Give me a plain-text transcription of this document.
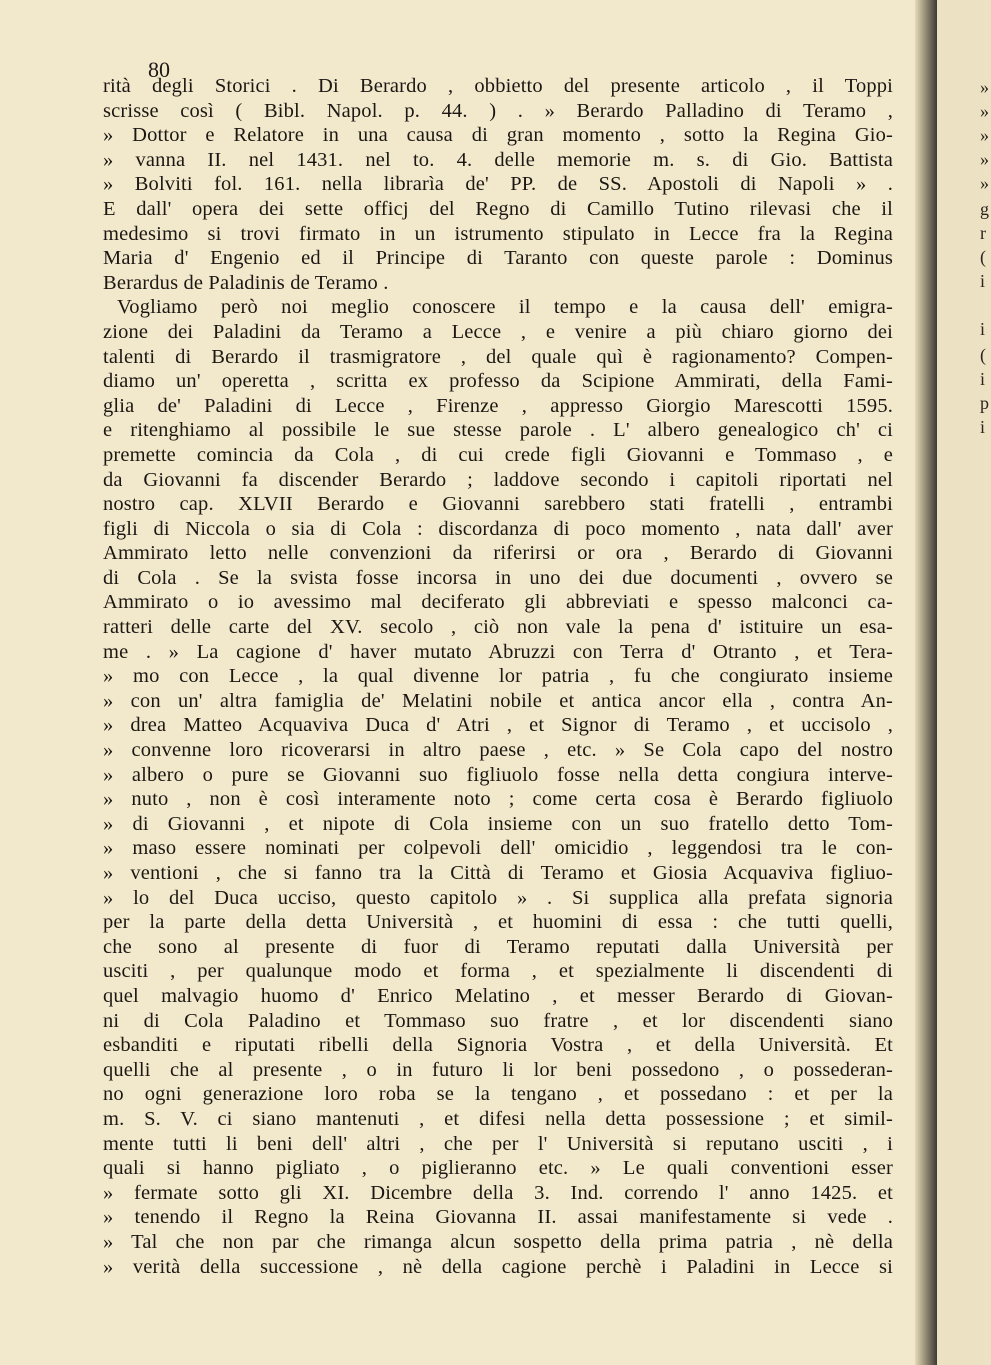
»
»
»
»
»
g
r
(
i
i
(
i
p
i
80
rità degli Storici . Di Berardo , obbietto del presente articolo , il Toppi
scrisse così ( Bibl. Napol. p. 44. ) . » Berardo Palladino di Teramo ,
» Dottor e Relatore in una causa di gran momento , sotto la Regina Gio-
» vanna II. nel 1431. nel to. 4. delle memorie m. s. di Gio. Battista
» Bolviti fol. 161. nella librarìa de' PP. de SS. Apostoli di Napoli » .
E dall' opera dei sette officj del Regno di Camillo Tutino rilevasi che il
medesimo si trovi firmato in un istrumento stipulato in Lecce fra la Regina
Maria d' Engenio ed il Principe di Taranto con queste parole : Dominus
Berardus de Paladinis de Teramo .
Vogliamo però noi meglio conoscere il tempo e la causa dell' emigra-
zione dei Paladini da Teramo a Lecce , e venire a più chiaro giorno dei
talenti di Berardo il trasmigratore , del quale quì è ragionamento? Compen-
diamo un' operetta , scritta ex professo da Scipione Ammirati, della Fami-
glia de' Paladini di Lecce , Firenze , appresso Giorgio Marescotti 1595.
e ritenghiamo al possibile le sue stesse parole . L' albero genealogico ch' ci
premette comincia da Cola , di cui crede figli Giovanni e Tommaso , e
da Giovanni fa discender Berardo ; laddove secondo i capitoli riportati nel
nostro cap. XLVII Berardo e Giovanni sarebbero stati fratelli , entrambi
figli di Niccola o sia di Cola : discordanza di poco momento , nata dall' aver
Ammirato letto nelle convenzioni da riferirsi or ora , Berardo di Giovanni
di Cola . Se la svista fosse incorsa in uno dei due documenti , ovvero se
Ammirato o io avessimo mal deciferato gli abbreviati e spesso malconci ca-
ratteri delle carte del XV. secolo , ciò non vale la pena d' istituire un esa-
me . » La cagione d' haver mutato Abruzzi con Terra d' Otranto , et Tera-
» mo con Lecce , la qual divenne lor patria , fu che congiurato insieme
» con un' altra famiglia de' Melatini nobile et antica ancor ella , contra An-
» drea Matteo Acquaviva Duca d' Atri , et Signor di Teramo , et uccisolo ,
» convenne loro ricoverarsi in altro paese , etc. » Se Cola capo del nostro
» albero o pure se Giovanni suo figliuolo fosse nella detta congiura interve-
» nuto , non è così interamente noto ; come certa cosa è Berardo figliuolo
» di Giovanni , et nipote di Cola insieme con un suo fratello detto Tom-
» maso essere nominati per colpevoli dell' omicidio , leggendosi tra le con-
» ventioni , che si fanno tra la Città di Teramo et Giosia Acquaviva figliuo-
» lo del Duca ucciso, questo capitolo » . Si supplica alla prefata signoria
per la parte della detta Università , et huomini di essa : che tutti quelli,
che sono al presente di fuor di Teramo reputati dalla Università per
usciti , per qualunque modo et forma , et spezialmente li discendenti di
quel malvagio huomo d' Enrico Melatino , et messer Berardo di Giovan-
ni di Cola Paladino et Tommaso suo fratre , et lor discendenti siano
esbanditi e riputati ribelli della Signoria Vostra , et della Università. Et
quelli che al presente , o in futuro li lor beni possedono , o possederan-
no ogni generazione loro roba se la tengano , et possedano : et per la
m. S. V. ci siano mantenuti , et difesi nella detta possessione ; et simil-
mente tutti li beni dell' altri , che per l' Università si reputano usciti , i
quali si hanno pigliato , o piglieranno etc. » Le quali conventioni esser
» fermate sotto gli XI. Dicembre della 3. Ind. correndo l' anno 1425. et
» tenendo il Regno la Reina Giovanna II. assai manifestamente si vede .
» Tal che non par che rimanga alcun sospetto della prima patria , nè della
» verità della successione , nè della cagione perchè i Paladini in Lecce si
